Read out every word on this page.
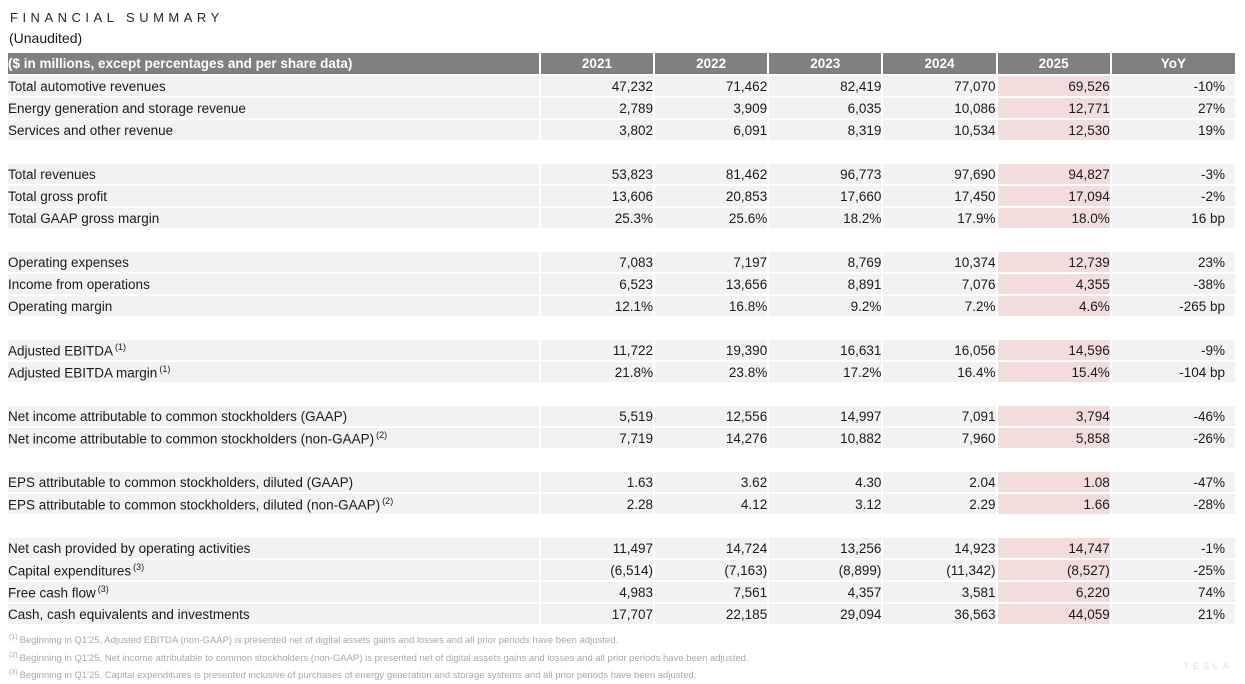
FINANCIAL SUMMARY
(Unaudited)
($ in millions, except percentages and per share data)	2021	2022	2023	2024	2025	YoY
Total automotive revenues	47,232	71,462	82,419	77,070	69,526	-10%
Energy generation and storage revenue	2,789	3,909	6,035	10,086	12,771	27%
Services and other revenue	3,802	6,091	8,319	10,534	12,530	19%

Total revenues	53,823	81,462	96,773	97,690	94,827	-3%
Total gross profit	13,606	20,853	17,660	17,450	17,094	-2%
Total GAAP gross margin	25.3%	25.6%	18.2%	17.9%	18.0%	16 bp

Operating expenses	7,083	7,197	8,769	10,374	12,739	23%
Income from operations	6,523	13,656	8,891	7,076	4,355	-38%
Operating margin	12.1%	16.8%	9.2%	7.2%	4.6%	-265 bp

Adjusted EBITDA $^{(1)}$	11,722	19,390	16,631	16,056	14,596	-9%
Adjusted EBITDA margin $^{(1)}$	21.8%	23.8%	17.2%	16.4%	15.4%	-104 bp

Net income attributable to common stockholders (GAAP)	5,519	12,556	14,997	7,091	3,794	-46%
Net income attributable to common stockholders (non-GAAP) $^{(2)}$	7,719	14,276	10,882	7,960	5,858	-26%

EPS attributable to common stockholders, diluted (GAAP)	1.63	3.62	4.30	2.04	1.08	-47%
EPS attributable to common stockholders, diluted (non-GAAP) $^{(2)}$	2.28	4.12	3.12	2.29	1.66	-28%

Net cash provided by operating activities	11,497	14,724	13,256	14,923	14,747	-1%
Capital expenditures $^{(3)}$	(6,514)	(7,163)	(8,899)	(11,342)	(8,527)	-25%
Free cash flow $^{(3)}$	4,983	7,561	4,357	3,581	6,220	74%
Cash, cash equivalents and investments	17,707	22,185	29,094	36,563	44,059	21%
$^{(1)}$ Beginning in Q1'25, Adjusted EBITDA (non-GAAP) is presented net of digital assets gains and losses and all prior periods have been adjusted.
$^{(2)}$ Beginning in Q1'25, Net income attributable to common stockholders (non-GAAP) is presented net of digital assets gains and losses and all prior periods have been adjusted.
$^{(3)}$ Beginning in Q1'25, Capital expenditures is presented inclusive of purchases of energy generation and storage systems and all prior periods have been adjusted.
TESLA
